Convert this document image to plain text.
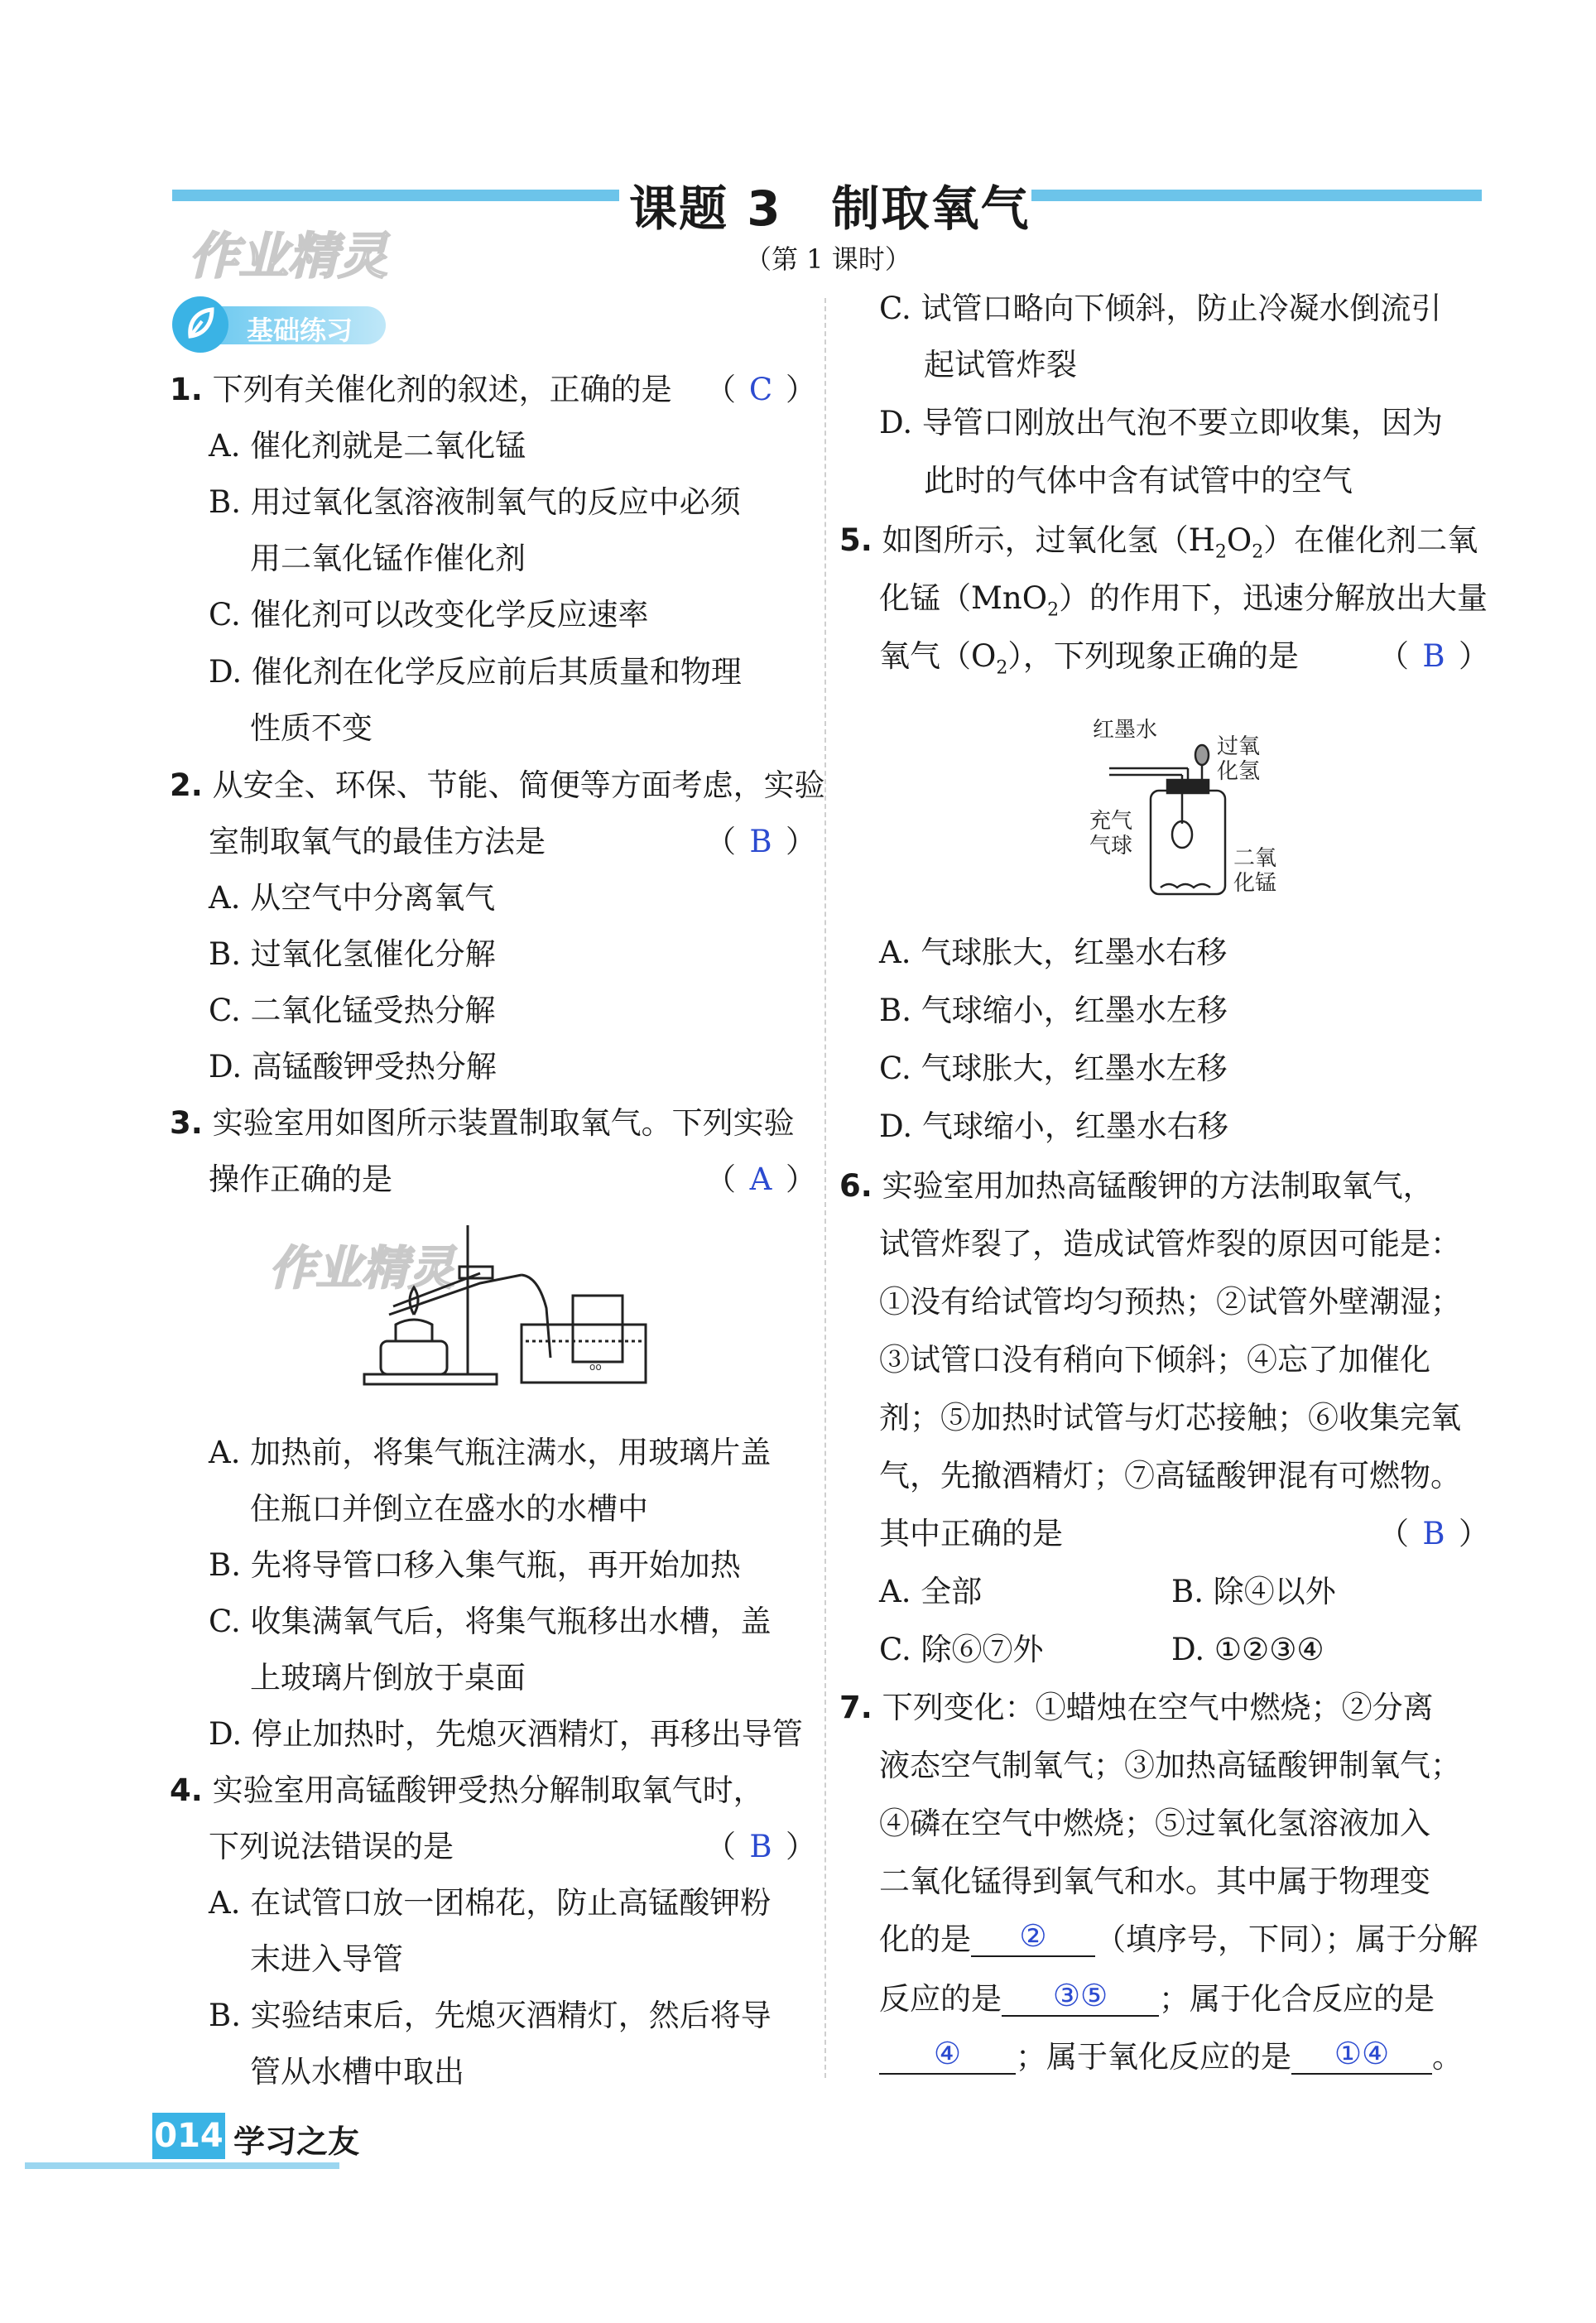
课题 3　制取氧气
（第 1 课时）
作业精灵
作业精灵
基础练习
1. 下列有关催化剂的叙述，正确的是 （ C ）
A. 催化剂就是二氧化锰
B. 用过氧化氢溶液制氧气的反应中必须
用二氧化锰作催化剂
C. 催化剂可以改变化学反应速率
D. 催化剂在化学反应前后其质量和物理
性质不变
2. 从安全、环保、节能、简便等方面考虑，实验
室制取氧气的最佳方法是	（ B ）
A. 从空气中分离氧气
B. 过氧化氢催化分解
C. 二氧化锰受热分解
D. 高锰酸钾受热分解
3. 实验室用如图所示装置制取氧气。下列实验
操作正确的是	（ A ）
oo
A. 加热前，将集气瓶注满水，用玻璃片盖
住瓶口并倒立在盛水的水槽中
B. 先将导管口移入集气瓶，再开始加热
C. 收集满氧气后，将集气瓶移出水槽，盖
上玻璃片倒放于桌面
D. 停止加热时，先熄灭酒精灯，再移出导管
4. 实验室用高锰酸钾受热分解制取氧气时，
下列说法错误的是	（ B ）
A. 在试管口放一团棉花，防止高锰酸钾粉
末进入导管
B. 实验结束后，先熄灭酒精灯，然后将导
管从水槽中取出
C. 试管口略向下倾斜，防止冷凝水倒流引
起试管炸裂
D. 导管口刚放出气泡不要立即收集，因为
此时的气体中含有试管中的空气
5. 如图所示，过氧化氢$(H_2O_2)$在催化剂二氧
化锰（MnO$_2$）的作用下，迅速分解放出大量
氧气$(O_2)$，下列现象正确的是	（ B ）
红墨水
过氧
化氢
充气
气球	二氧
化锰
A. 气球胀大，红墨水右移
B. 气球缩小，红墨水左移
C. 气球胀大，红墨水左移
D. 气球缩小，红墨水右移
6. 实验室用加热高锰酸钾的方法制取氧气，
试管炸裂了，造成试管炸裂的原因可能是：
①没有给试管均匀预热；②试管外壁潮湿；
③试管口没有稍向下倾斜；④忘了加催化
剂；⑤加热时试管与灯芯接触；⑥收集完氧
气，先撤酒精灯；⑦高锰酸钾混有可燃物。
其中正确的是	（ B ）
A. 全部	B. 除④以外
C. 除⑥⑦外	D. ①②③④
7. 下列变化：①蜡烛在空气中燃烧；②分离
液态空气制氧气；③加热高锰酸钾制氧气；
④磷在空气中燃烧；⑤过氧化氢溶液加入
二氧化锰得到氧气和水。其中属于物理变
化的是 ② （填序号，下同）；属于分解
反应的是 ③⑤ ；属于化合反应的是
④ ；属于氧化反应的是 ①④ 。
014 学习之友
